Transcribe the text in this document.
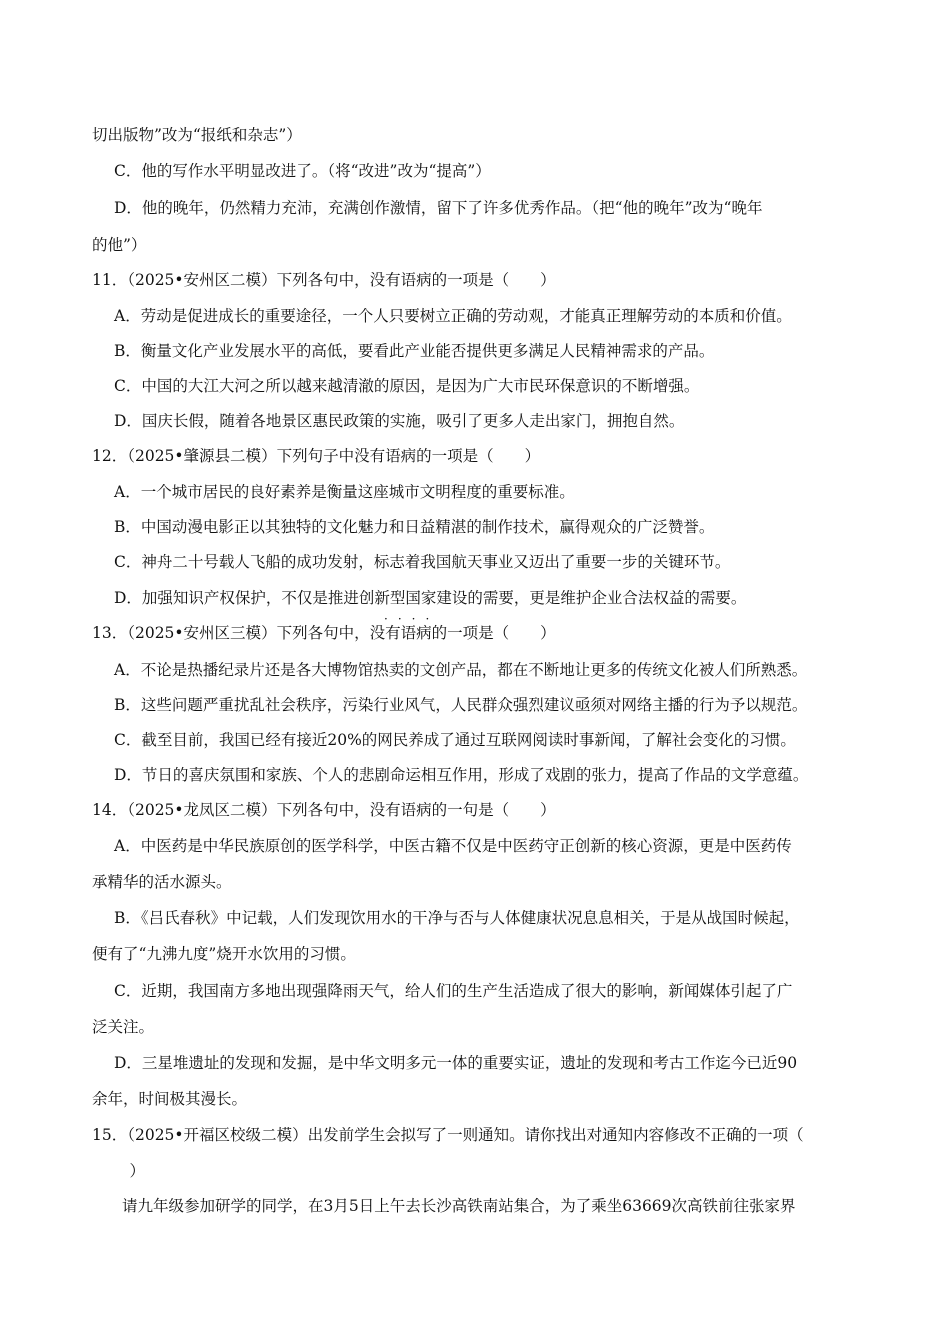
切出版物”改为“报纸和杂志”）
C．他的写作水平明显改进了。（将“改进”改为“提高”）
D．他的晚年，仍然精力充沛，充满创作激情，留下了许多优秀作品。（把“他的晚年”改为“晚年
的他”）
11．（2025•安州区二模）下列各句中，没有语病的一项是（　　）
A．劳动是促进成长的重要途径，一个人只要树立正确的劳动观，才能真正理解劳动的本质和价值。
B．衡量文化产业发展水平的高低，要看此产业能否提供更多满足人民精神需求的产品。
C．中国的大江大河之所以越来越清澈的原因，是因为广大市民环保意识的不断增强。
D．国庆长假，随着各地景区惠民政策的实施，吸引了更多人走出家门，拥抱自然。
12．（2025•肇源县二模）下列句子中没有语病的一项是（　　）
A．一个城市居民的良好素养是衡量这座城市文明程度的重要标准。
B．中国动漫电影正以其独特的文化魅力和日益精湛的制作技术，赢得观众的广泛赞誉。
C．神舟二十号载人飞船的成功发射，标志着我国航天事业又迈出了重要一步的关键环节。
D．加强知识产权保护，不仅是推进创新型国家建设的需要，更是维护企业合法权益的需要。
····
13．（2025•安州区三模）下列各句中，没有语病的一项是（　　）
A．不论是热播纪录片还是各大博物馆热卖的文创产品，都在不断地让更多的传统文化被人们所熟悉。
B．这些问题严重扰乱社会秩序，污染行业风气，人民群众强烈建议亟须对网络主播的行为予以规范。
C．截至目前，我国已经有接近20%的网民养成了通过互联网阅读时事新闻，了解社会变化的习惯。
D．节日的喜庆氛围和家族、个人的悲剧命运相互作用，形成了戏剧的张力，提高了作品的文学意蕴。
14．（2025•龙凤区二模）下列各句中，没有语病的一句是（　　）
A．中医药是中华民族原创的医学科学，中医古籍不仅是中医药守正创新的核心资源，更是中医药传
承精华的活水源头。
B．《吕氏春秋》中记载，人们发现饮用水的干净与否与人体健康状况息息相关，于是从战国时候起，
便有了“九沸九度”烧开水饮用的习惯。
C．近期，我国南方多地出现强降雨天气，给人们的生产生活造成了很大的影响，新闻媒体引起了广
泛关注。
D．三星堆遗址的发现和发掘，是中华文明多元一体的重要实证，遗址的发现和考古工作迄今已近90
余年，时间极其漫长。
15．（2025•开福区校级二模）出发前学生会拟写了一则通知。请你找出对通知内容修改不正确的一项（
　）
请九年级参加研学的同学，在3月5日上午去长沙高铁南站集合，为了乘坐63669次高铁前往张家界
